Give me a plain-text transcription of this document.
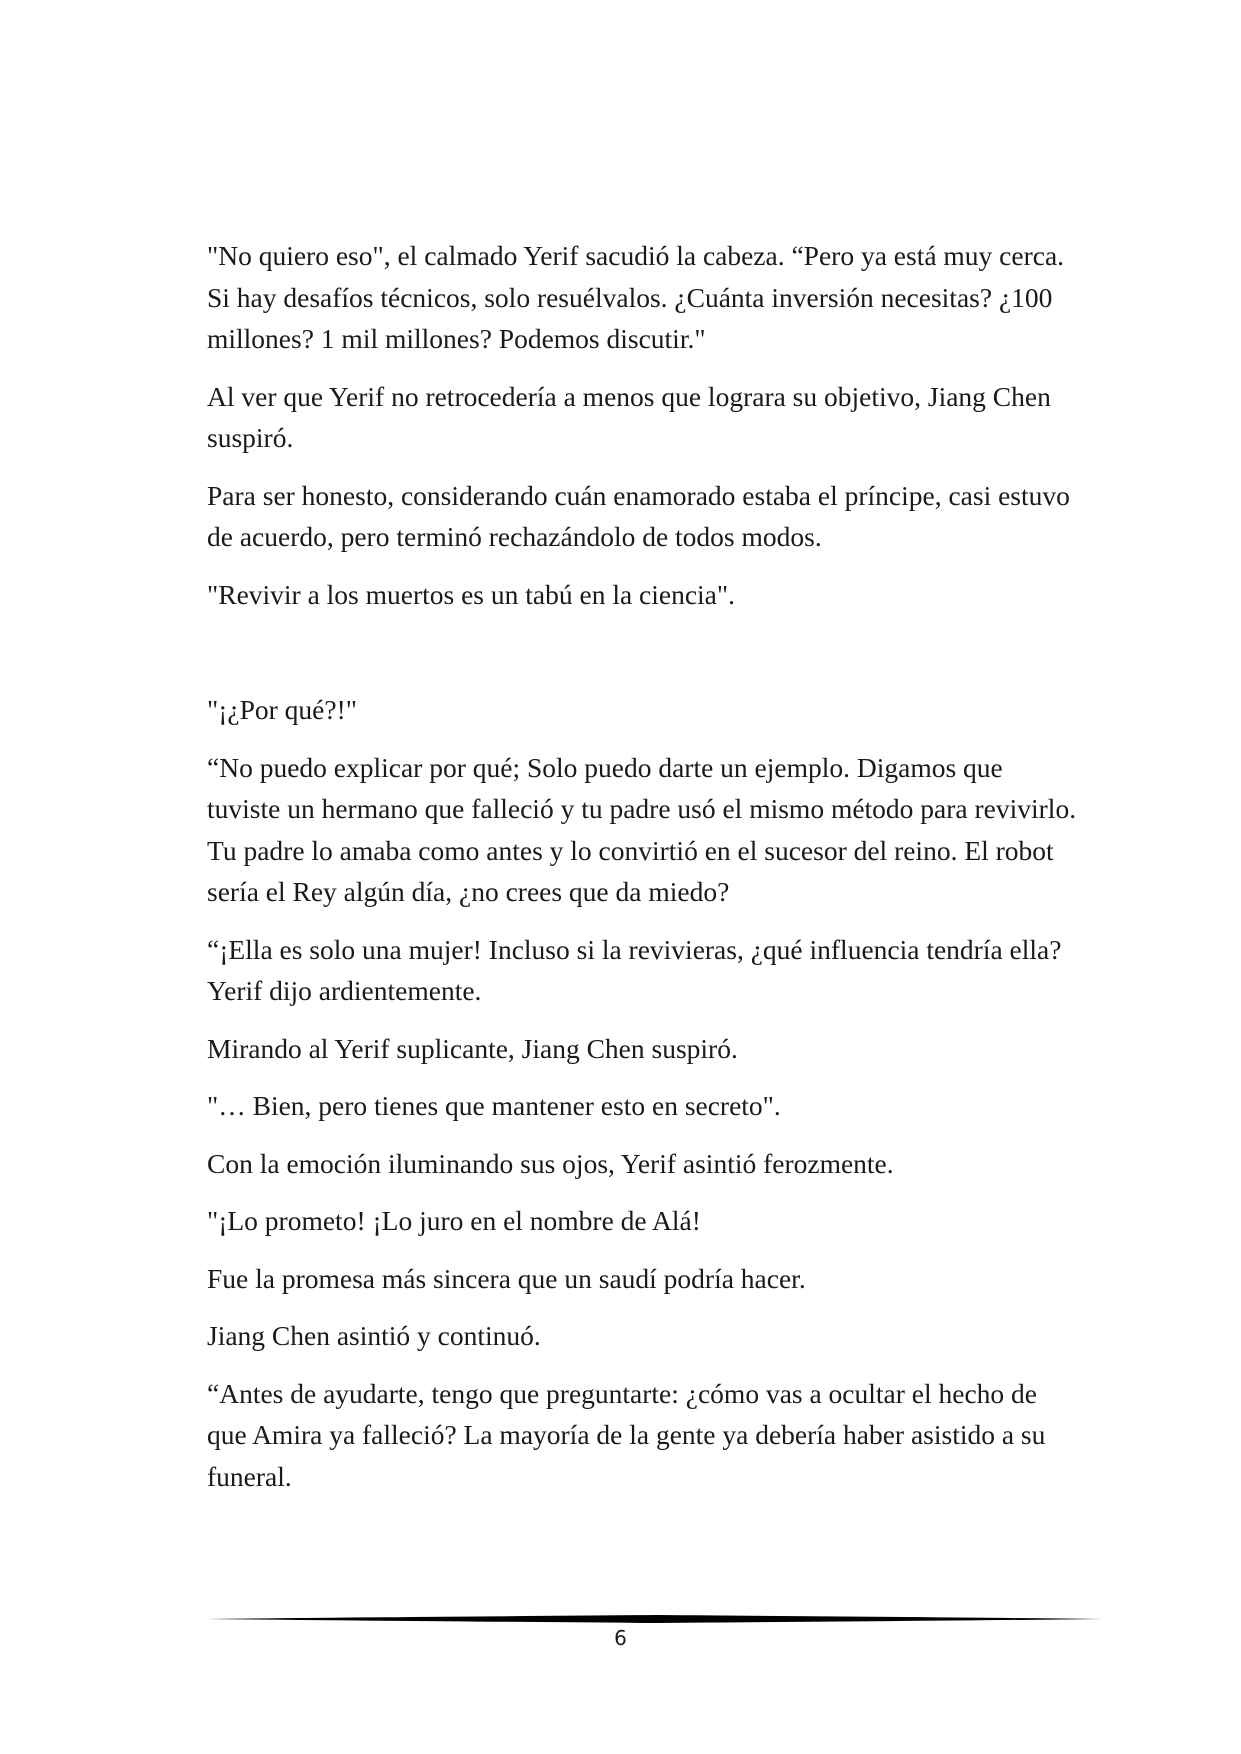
"No quiero eso", el calmado Yerif sacudió la cabeza. “Pero ya está muy cerca. Si hay desafíos técnicos, solo resuélvalos. ¿Cuánta inversión necesitas? ¿100 millones? 1 mil millones? Podemos discutir."

Al ver que Yerif no retrocedería a menos que lograra su objetivo, Jiang Chen suspiró.

Para ser honesto, considerando cuán enamorado estaba el príncipe, casi estuvo de acuerdo, pero terminó rechazándolo de todos modos.

"Revivir a los muertos es un tabú en la ciencia".

"¡¿Por qué?!"

“No puedo explicar por qué; Solo puedo darte un ejemplo. Digamos que tuviste un hermano que falleció y tu padre usó el mismo método para revivirlo. Tu padre lo amaba como antes y lo convirtió en el sucesor del reino. El robot sería el Rey algún día, ¿no crees que da miedo?

“¡Ella es solo una mujer! Incluso si la revivieras, ¿qué influencia tendría ella? Yerif dijo ardientemente.

Mirando al Yerif suplicante, Jiang Chen suspiró.

"… Bien, pero tienes que mantener esto en secreto".

Con la emoción iluminando sus ojos, Yerif asintió ferozmente.

"¡Lo prometo! ¡Lo juro en el nombre de Alá!

Fue la promesa más sincera que un saudí podría hacer.

Jiang Chen asintió y continuó.

“Antes de ayudarte, tengo que preguntarte: ¿cómo vas a ocultar el hecho de que Amira ya falleció? La mayoría de la gente ya debería haber asistido a su funeral.

6
